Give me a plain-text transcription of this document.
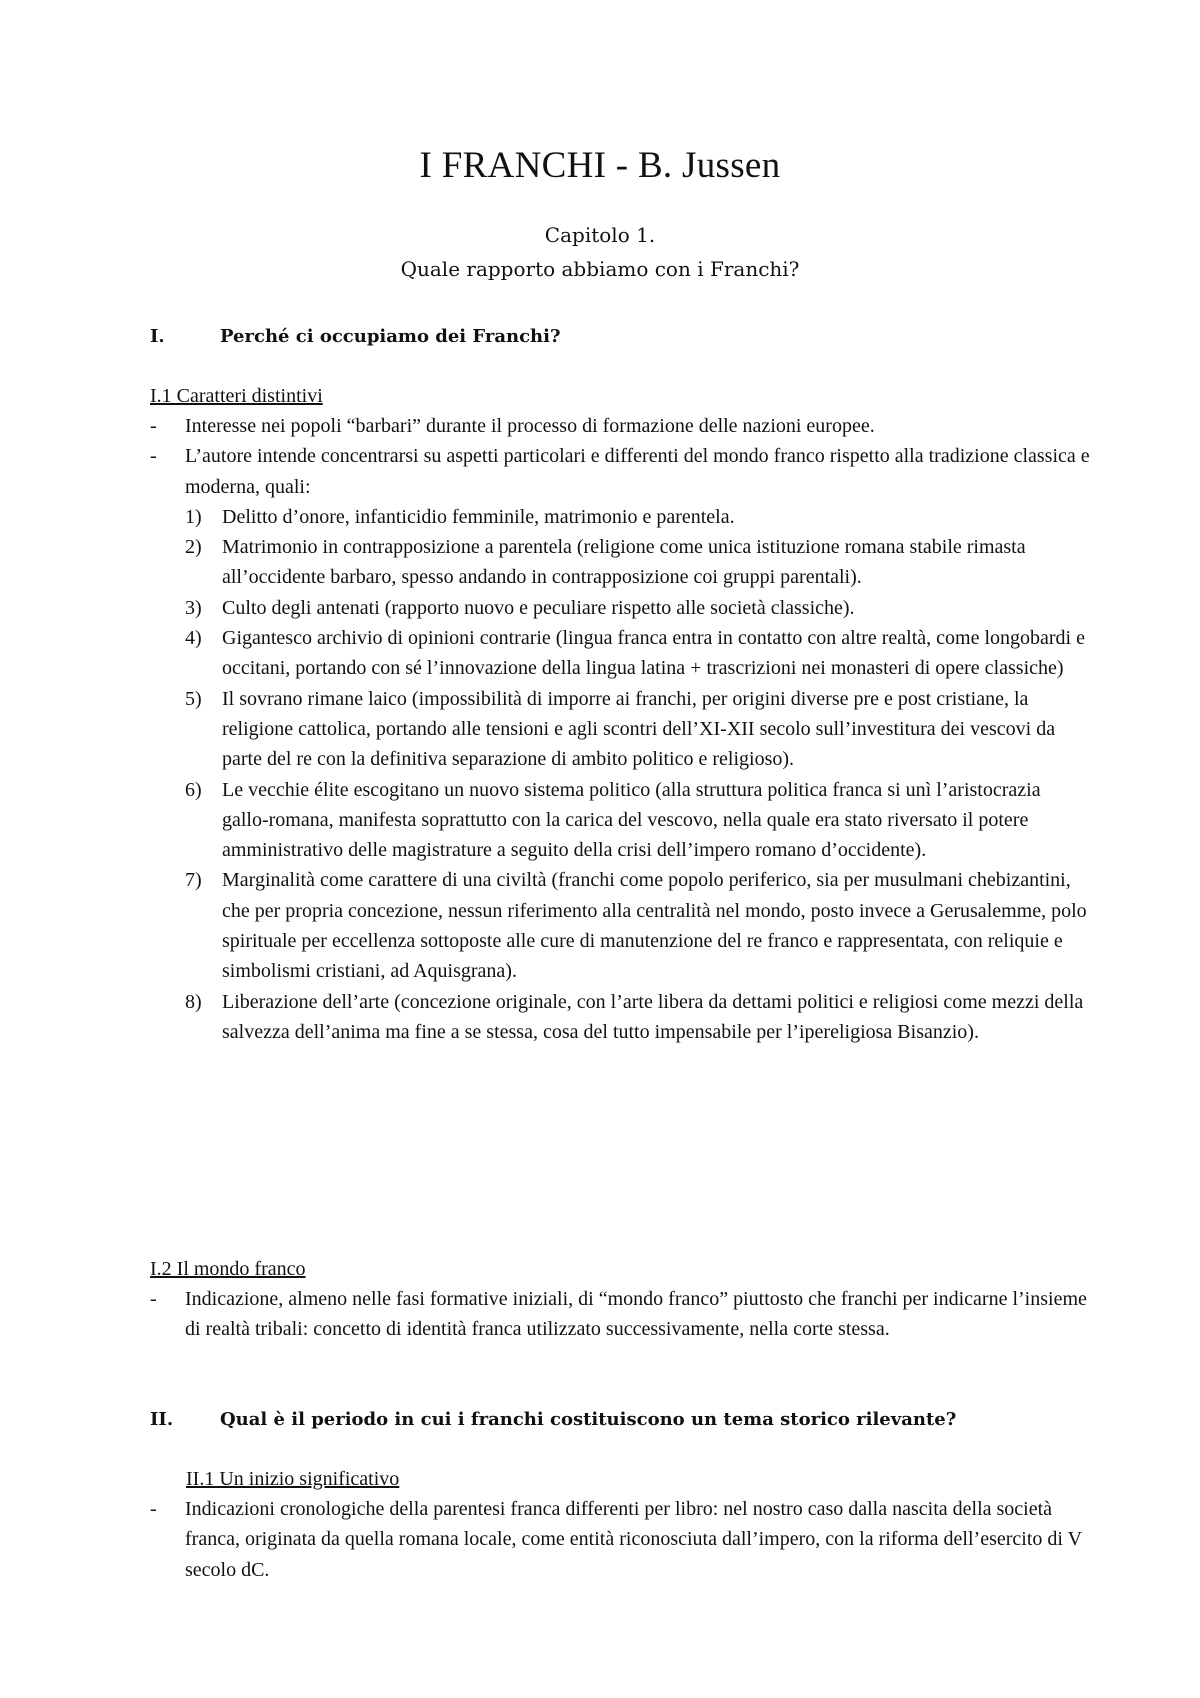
I FRANCHI - B. Jussen
Capitolo 1.
Quale rapporto abbiamo con i Franchi?
I.	Perché ci occupiamo dei Franchi?
I.1 Caratteri distintivi
- Interesse nei popoli “barbari” durante il processo di formazione delle nazioni europee.
- L’autore intende concentrarsi su aspetti particolari e differenti del mondo franco rispetto alla tradizione classica e moderna, quali:
1) Delitto d’onore, infanticidio femminile, matrimonio e parentela.
2) Matrimonio in contrapposizione a parentela (religione come unica istituzione romana stabile rimasta all’occidente barbaro, spesso andando in contrapposizione coi gruppi parentali).
3) Culto degli antenati (rapporto nuovo e peculiare rispetto alle società classiche).
4) Gigantesco archivio di opinioni contrarie (lingua franca entra in contatto con altre realtà, come longobardi e occitani, portando con sé l’innovazione della lingua latina + trascrizioni nei monasteri di opere classiche)
5) Il sovrano rimane laico (impossibilità di imporre ai franchi, per origini diverse pre e post cristiane, la religione cattolica, portando alle tensioni e agli scontri dell’XI-XII secolo sull’investitura dei vescovi da parte del re con la definitiva separazione di ambito politico e religioso).
6) Le vecchie élite escogitano un nuovo sistema politico (alla struttura politica franca si unì l’aristocrazia gallo-romana, manifesta soprattutto con la carica del vescovo, nella quale era stato riversato il potere amministrativo delle magistrature a seguito della crisi dell’impero romano d’occidente).
7) Marginalità come carattere di una civiltà (franchi come popolo periferico, sia per musulmani chebizantini, che per propria concezione, nessun riferimento alla centralità nel mondo, posto invece a Gerusalemme, polo spirituale per eccellenza sottoposte alle cure di manutenzione del re franco e rappresentata, con reliquie e simbolismi cristiani, ad Aquisgrana).
8) Liberazione dell’arte (concezione originale, con l’arte libera da dettami politici e religiosi come mezzi della salvezza dell’anima ma fine a se stessa, cosa del tutto impensabile per l’ipereligiosa Bisanzio).
I.2 Il mondo franco
- Indicazione, almeno nelle fasi formative iniziali, di “mondo franco” piuttosto che franchi per indicarne l’insieme di realtà tribali: concetto di identità franca utilizzato successivamente, nella corte stessa.
II.	Qual è il periodo in cui i franchi costituiscono un tema storico rilevante?
II.1 Un inizio significativo
- Indicazioni cronologiche della parentesi franca differenti per libro: nel nostro caso dalla nascita della società franca, originata da quella romana locale, come entità riconosciuta dall’impero, con la riforma dell’esercito di V secolo dC.
